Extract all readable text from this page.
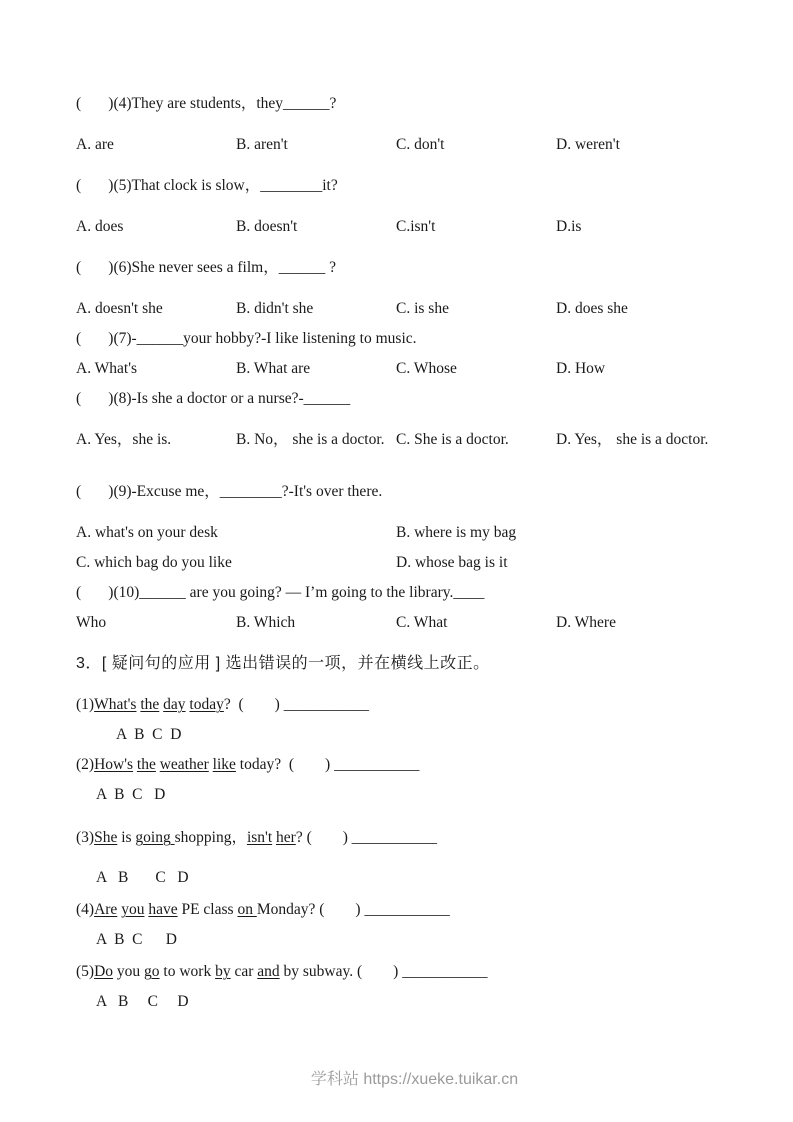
(       )(4)They are students，they______?
A. are	B. aren't	C. don't	D. weren't
(       )(5)That clock is slow，________it?
A. does	B. doesn't	C.isn't	D.is
(       )(6)She never sees a film，______ ?
A. doesn't she	B. didn't she	C. is she	D. does she
(       )(7)-______your hobby?-I like listening to music.
A. What's	B. What are	C. Whose	D. How
(       )(8)-Is she a doctor or a nurse?-______
A. Yes，she is.	B. No， she is a doctor. C. She is a doctor.	D. Yes， she is a doctor.
(       )(9)-Excuse me，________?-It's over there.
A. what's on your desk	B. where is my bag
C. which bag do you like	D. whose bag is it
(       )(10)______ are you going? — I’m going to the library.____
Who	B. Which	C. What	D. Where
3．[ 疑问句的应用 ] 选出错误的一项，并在横线上改正。
(1)What's the day today?  (        ) ___________
A  B  C  D
(2)How's the weather like today?  (        ) ___________
A  B  C   D
(3)She is going shopping，isn't her? (        ) ___________
A   B       C   D
(4)Are you have PE class on Monday? (        ) ___________
A  B  C      D
(5)Do you go to work by car and by subway. (        ) ___________
A   B     C     D
学科站 https://xueke.tuikar.cn
